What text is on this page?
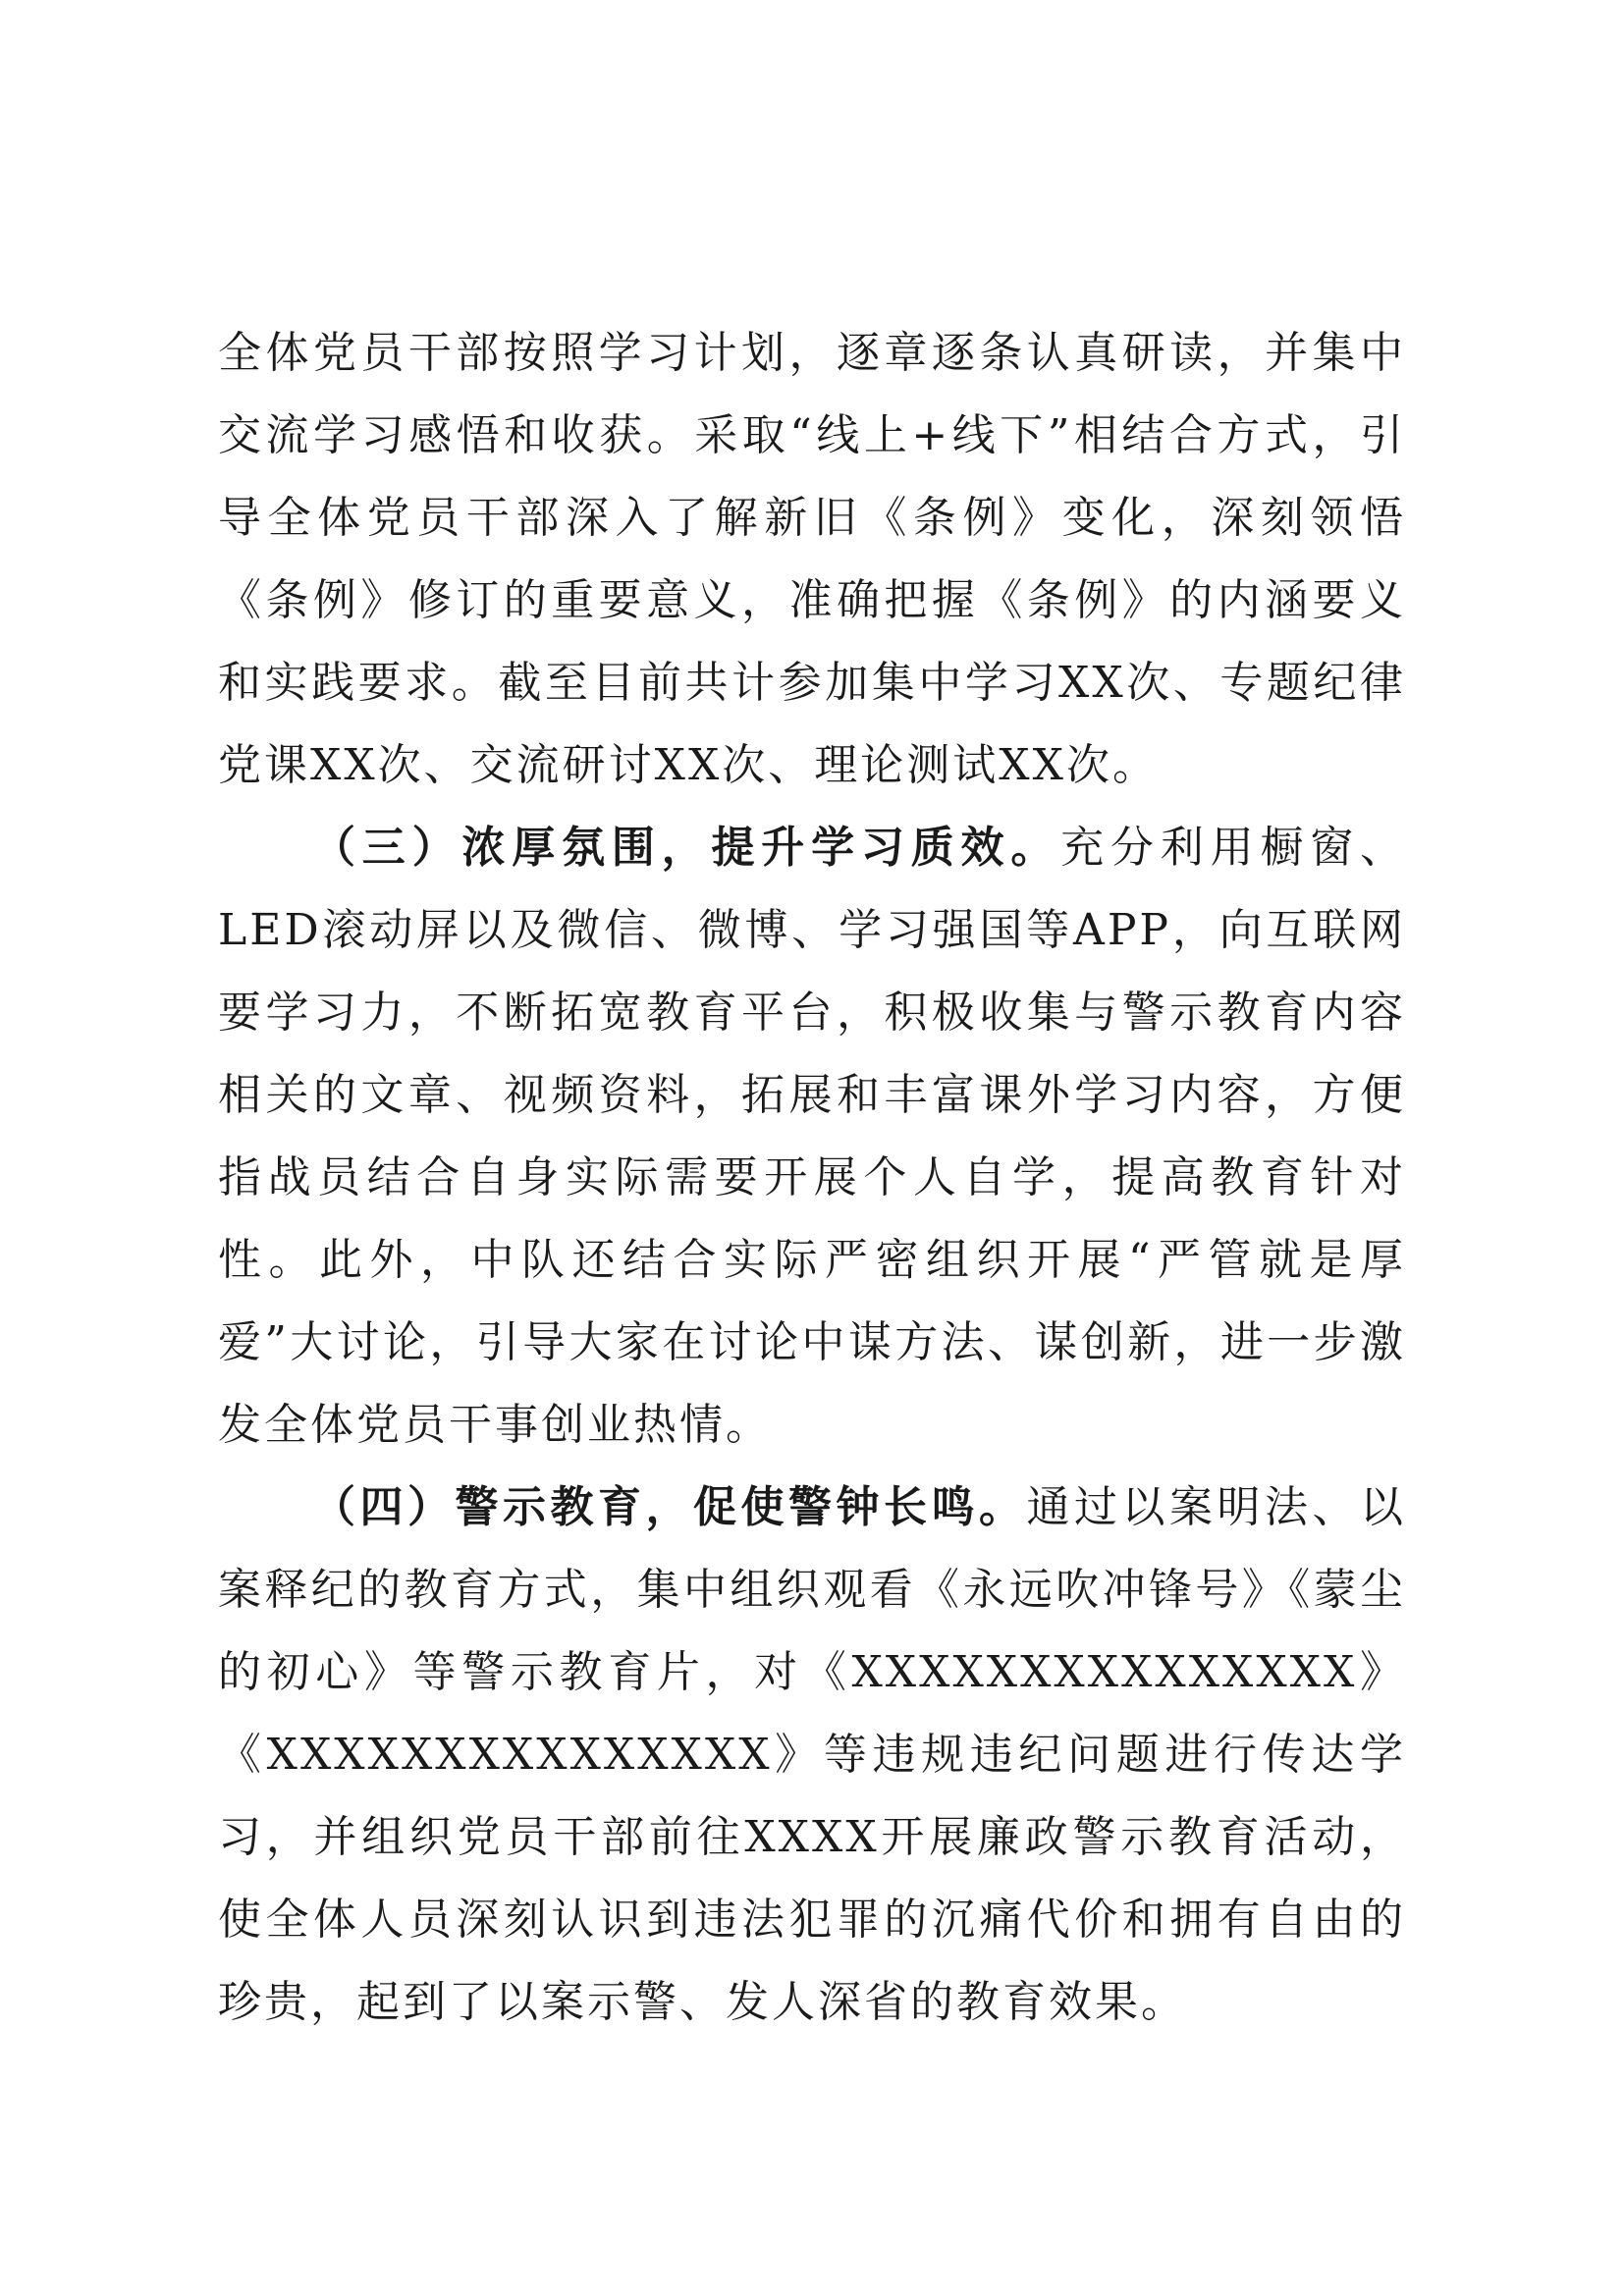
全体党员干部按照学习计划，逐章逐条认真研读，并集中交流学习感悟和收获。采取“线上+线下”相结合方式，引导全体党员干部深入了解新旧《条例》变化，深刻领悟《条例》修订的重要意义，准确把握《条例》的内涵要义和实践要求。截至目前共计参加集中学习XX次、专题纪律党课XX次、交流研讨XX次、理论测试XX次。

（三）浓厚氛围，提升学习质效。充分利用橱窗、LED滚动屏以及微信、微博、学习强国等APP，向互联网要学习力，不断拓宽教育平台，积极收集与警示教育内容相关的文章、视频资料，拓展和丰富课外学习内容，方便指战员结合自身实际需要开展个人自学，提高教育针对性。此外，中队还结合实际严密组织开展“严管就是厚爱”大讨论，引导大家在讨论中谋方法、谋创新，进一步激发全体党员干事创业热情。

（四）警示教育，促使警钟长鸣。通过以案明法、以案释纪的教育方式，集中组织观看《永远吹冲锋号》《蒙尘的初心》等警示教育片，对《XXXXXXXXXXXXXXX》《XXXXXXXXXXXXXXX》等违规违纪问题进行传达学习，并组织党员干部前往XXXX开展廉政警示教育活动，使全体人员深刻认识到违法犯罪的沉痛代价和拥有自由的珍贵，起到了以案示警、发人深省的教育效果。
